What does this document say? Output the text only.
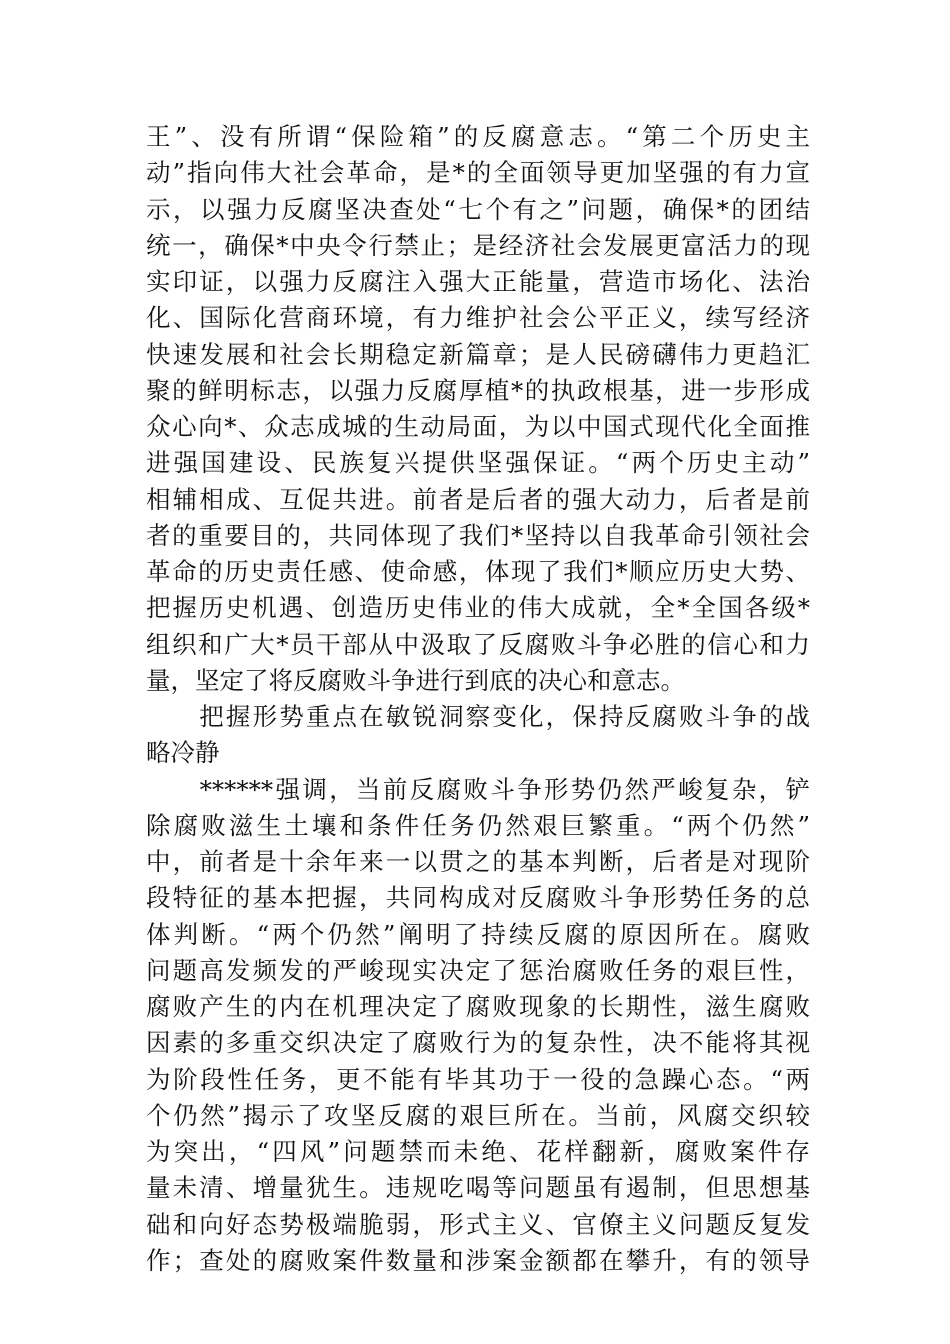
王”、没有所谓“保险箱”的反腐意志。“第二个历史主
动”指向伟大社会革命，是*的全面领导更加坚强的有力宣
示，以强力反腐坚决查处“七个有之”问题，确保*的团结
统一，确保*中央令行禁止；是经济社会发展更富活力的现
实印证，以强力反腐注入强大正能量，营造市场化、法治
化、国际化营商环境，有力维护社会公平正义，续写经济
快速发展和社会长期稳定新篇章；是人民磅礴伟力更趋汇
聚的鲜明标志，以强力反腐厚植*的执政根基，进一步形成
众心向*、众志成城的生动局面，为以中国式现代化全面推
进强国建设、民族复兴提供坚强保证。“两个历史主动”
相辅相成、互促共进。前者是后者的强大动力，后者是前
者的重要目的，共同体现了我们*坚持以自我革命引领社会
革命的历史责任感、使命感，体现了我们*顺应历史大势、
把握历史机遇、创造历史伟业的伟大成就，全*全国各级*
组织和广大*员干部从中汲取了反腐败斗争必胜的信心和力
量，坚定了将反腐败斗争进行到底的决心和意志。
　　把握形势重点在敏锐洞察变化，保持反腐败斗争的战
略冷静
　　******强调，当前反腐败斗争形势仍然严峻复杂，铲
除腐败滋生土壤和条件任务仍然艰巨繁重。“两个仍然”
中，前者是十余年来一以贯之的基本判断，后者是对现阶
段特征的基本把握，共同构成对反腐败斗争形势任务的总
体判断。“两个仍然”阐明了持续反腐的原因所在。腐败
问题高发频发的严峻现实决定了惩治腐败任务的艰巨性，
腐败产生的内在机理决定了腐败现象的长期性，滋生腐败
因素的多重交织决定了腐败行为的复杂性，决不能将其视
为阶段性任务，更不能有毕其功于一役的急躁心态。“两
个仍然”揭示了攻坚反腐的艰巨所在。当前，风腐交织较
为突出，“四风”问题禁而未绝、花样翻新，腐败案件存
量未清、增量犹生。违规吃喝等问题虽有遏制，但思想基
础和向好态势极端脆弱，形式主义、官僚主义问题反复发
作；查处的腐败案件数量和涉案金额都在攀升，有的领导
